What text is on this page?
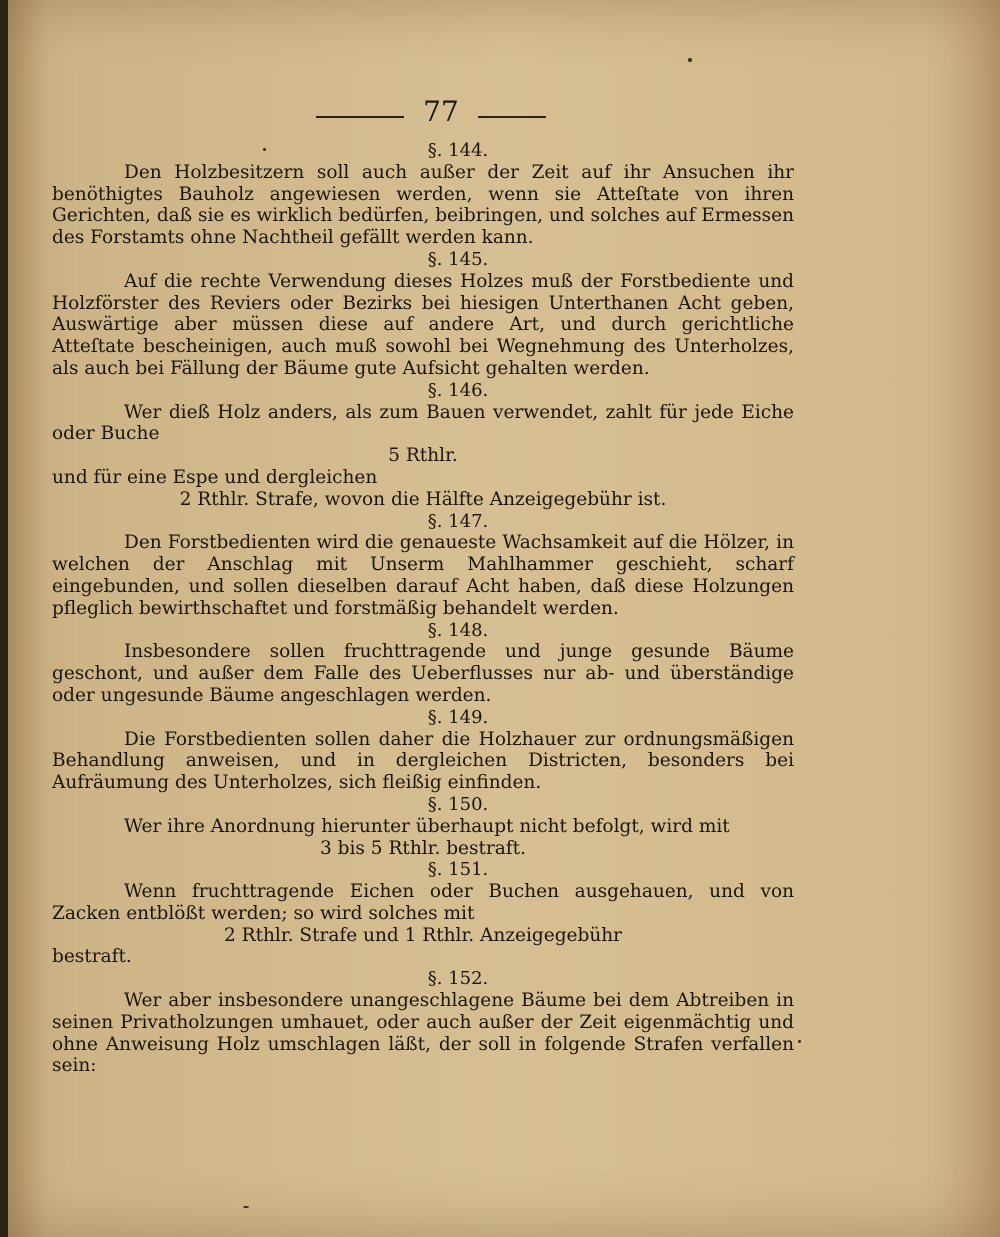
77

§. 144.

Den Holzbesitzern soll auch außer der Zeit auf ihr Ansuchen ihr benöthigtes Bauholz angewiesen werden, wenn sie Atteſtate von ihren Gerichten, daß sie es wirklich bedürfen, beibringen, und solches auf Ermessen des Forstamts ohne Nachtheil gefällt werden kann.

§. 145.

Auf die rechte Verwendung dieses Holzes muß der Forstbediente und Holzförster des Reviers oder Bezirks bei hiesigen Unterthanen Acht geben, Auswärtige aber müssen diese auf andere Art, und durch gerichtliche Atteſtate bescheinigen, auch muß sowohl bei Wegnehmung des Unterholzes, als auch bei Fällung der Bäume gute Aufsicht gehalten werden.

§. 146.

Wer dieß Holz anders, als zum Bauen verwendet, zahlt für jede Eiche oder Buche

5 Rthlr.

und für eine Espe und dergleichen

2 Rthlr. Strafe, wovon die Hälfte Anzeigegebühr ist.

§. 147.

Den Forstbedienten wird die genaueste Wachsamkeit auf die Hölzer, in welchen der Anschlag mit Unserm Mahlhammer geschieht, scharf eingebunden, und sollen dieselben darauf Acht haben, daß diese Holzungen pfleglich bewirthschaftet und forstmäßig behandelt werden.

§. 148.

Insbesondere sollen fruchttragende und junge gesunde Bäume geschont, und außer dem Falle des Ueberflusses nur ab- und überständige oder ungesunde Bäume angeschlagen werden.

§. 149.

Die Forstbedienten sollen daher die Holzhauer zur ordnungsmäßigen Behandlung anweisen, und in dergleichen Districten, besonders bei Aufräumung des Unterholzes, sich fleißig einfinden.

§. 150.

Wer ihre Anordnung hierunter überhaupt nicht befolgt, wird mit

3 bis 5 Rthlr. bestraft.

§. 151.

Wenn fruchttragende Eichen oder Buchen ausgehauen, und von Zacken entblößt werden; so wird solches mit

2 Rthlr. Strafe und 1 Rthlr. Anzeigegebühr

bestraft.

§. 152.

Wer aber insbesondere unangeschlagene Bäume bei dem Abtreiben in seinen Privatholzungen umhauet, oder auch außer der Zeit eigenmächtig und ohne Anweisung Holz umschlagen läßt, der soll in folgende Strafen verfallen sein:
